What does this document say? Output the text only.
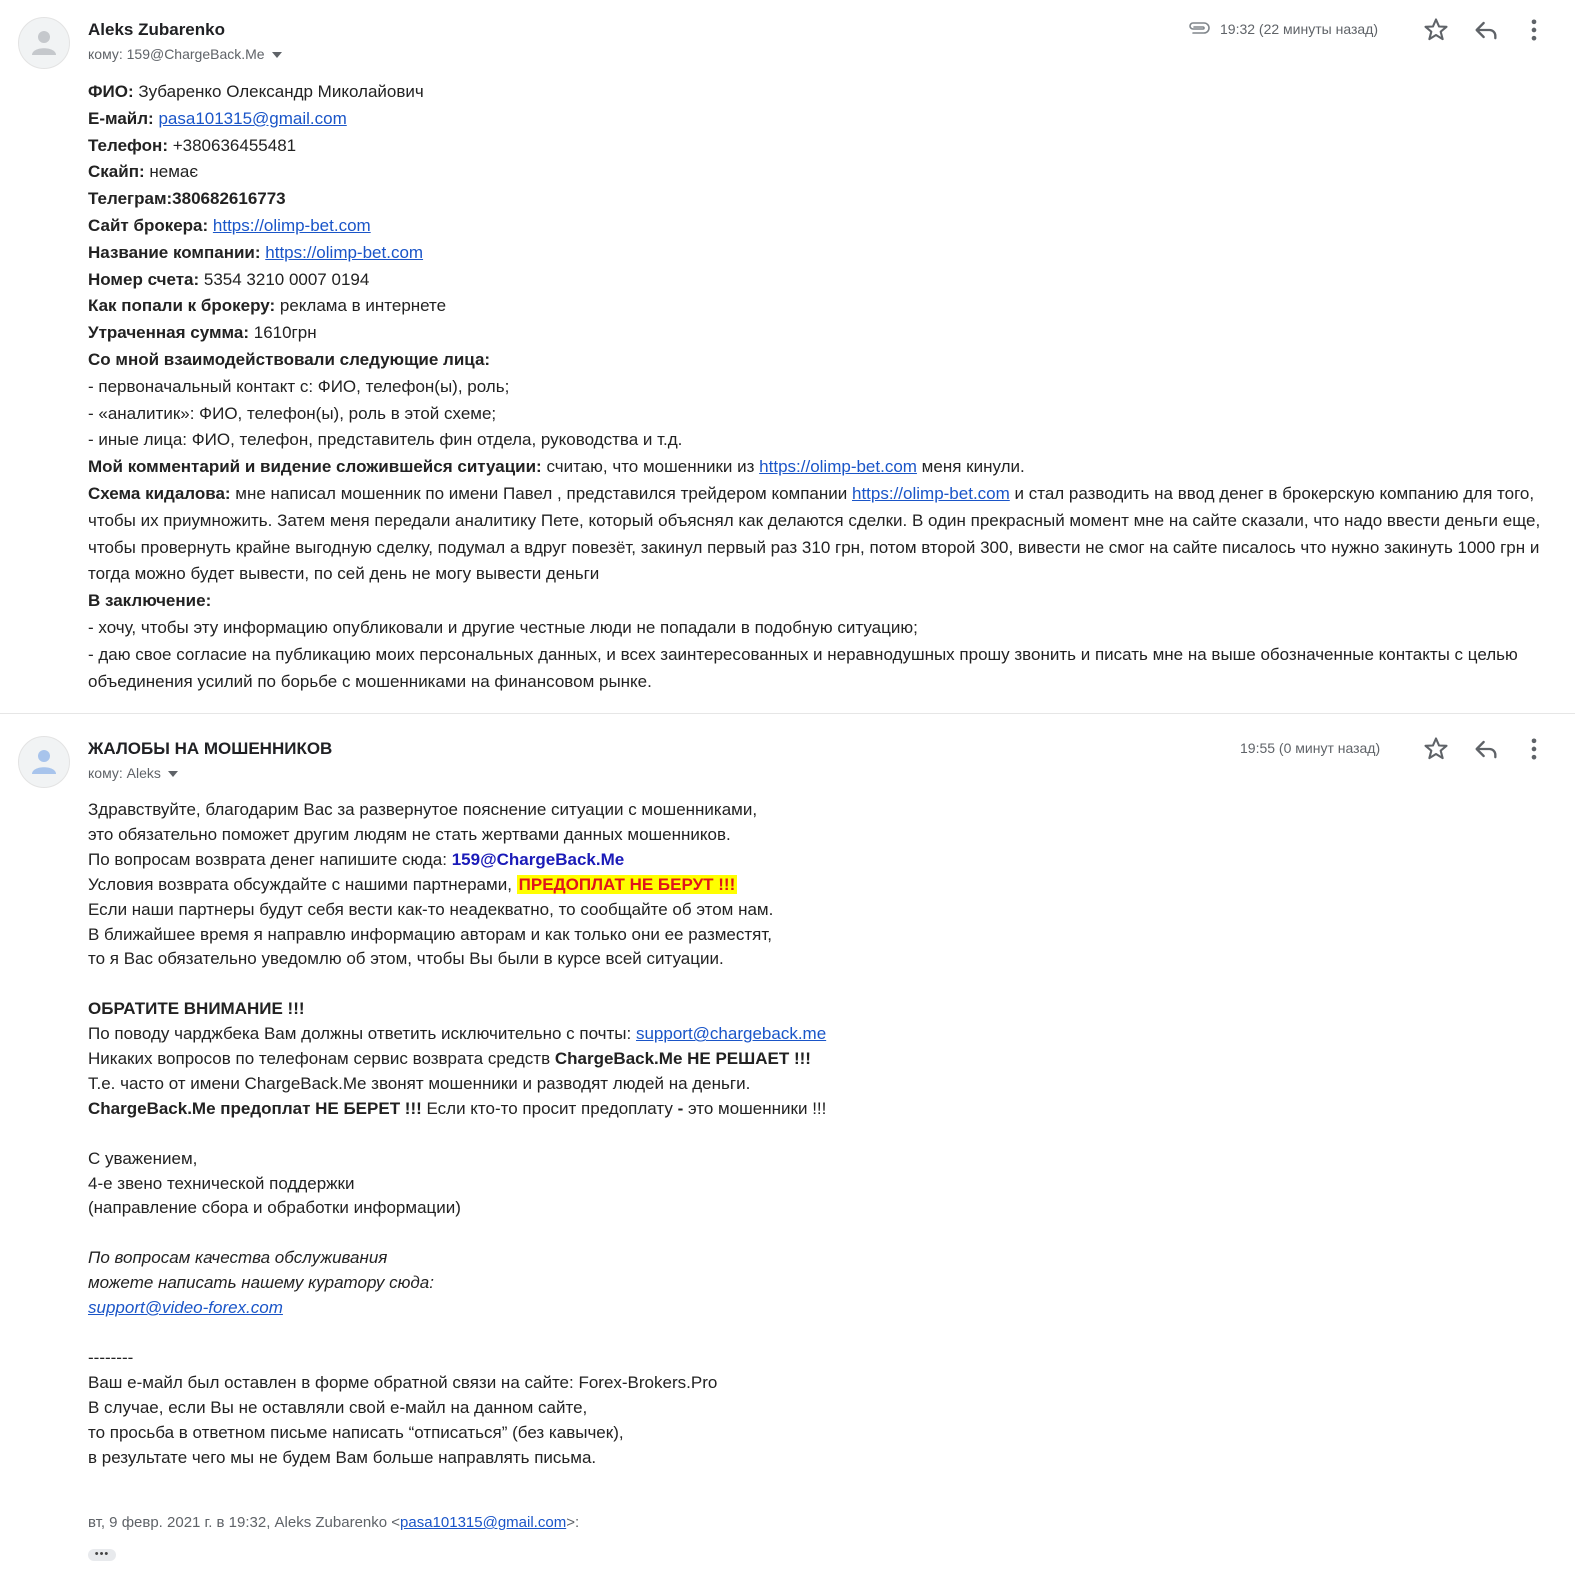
Aleks Zubarenko
кому: 159@ChargeBack.Me
19:32 (22 минуты назад)
ФИО: Зубаренко Олександр Миколайович
Е-майл: pasa101315@gmail.com
Телефон: +380636455481
Скайп: немає
Телеграм:380682616773
Сайт брокера: https://olimp-bet.com
Название компании: https://olimp-bet.com
Номер счета: 5354 3210 0007 0194
Как попали к брокеру: реклама в интернете
Утраченная сумма: 1610грн
Со мной взаимодействовали следующие лица:
- первоначальный контакт с: ФИО, телефон(ы), роль;
- «аналитик»: ФИО, телефон(ы), роль в этой схеме;
- иные лица: ФИО, телефон, представитель фин отдела, руководства и т.д.
Мой комментарий и видение сложившейся ситуации: считаю, что мошенники из https://olimp-bet.com меня кинули.
Схема кидалова: мне написал мошенник по имени Павел , представился трейдером компании https://olimp-bet.com и стал разводить на ввод денег в брокерскую компанию для того, чтобы их приумножить. Затем меня передали аналитику Пете, который объяснял как делаются сделки. В один прекрасный момент мне на сайте сказали, что надо ввести деньги еще, чтобы провернуть крайне выгодную сделку, подумал а вдруг повезёт, закинул первый раз 310 грн, потом второй 300, вивести не смог на сайте писалось что нужно закинуть 1000 грн и тогда можно будет вывести, по сей день не могу вывести деньги
В заключение:
- хочу, чтобы эту информацию опубликовали и другие честные люди не попадали в подобную ситуацию;
- даю свое согласие на публикацию моих персональных данных, и всех заинтересованных и неравнодушных прошу звонить и писать мне на выше обозначенные контакты с целью объединения усилий по борьбе с мошенниками на финансовом рынке.
ЖАЛОБЫ НА МОШЕННИКОВ
кому: Aleks
19:55 (0 минут назад)
Здравствуйте, благодарим Вас за развернутое пояснение ситуации с мошенниками,
это обязательно поможет другим людям не стать жертвами данных мошенников.
По вопросам возврата денег напишите сюда: 159@ChargeBack.Me
Условия возврата обсуждайте с нашими партнерами, ПРЕДОПЛАТ НЕ БЕРУТ !!!
Если наши партнеры будут себя вести как-то неадекватно, то сообщайте об этом нам.
В ближайшее время я направлю информацию авторам и как только они ее разместят,
то я Вас обязательно уведомлю об этом, чтобы Вы были в курсе всей ситуации.
ОБРАТИТЕ ВНИМАНИЕ !!!
По поводу чарджбека Вам должны ответить исключительно с почты: support@chargeback.me
Никаких вопросов по телефонам сервис возврата средств ChargeBack.Me НЕ РЕШАЕТ !!!
Т.е. часто от имени ChargeBack.Me звонят мошенники и разводят людей на деньги.
ChargeBack.Me предоплат НЕ БЕРЕТ !!! Если кто-то просит предоплату - это мошенники !!!
С уважением,
4-е звено технической поддержки
(направление сбора и обработки информации)
По вопросам качества обслуживания
можете написать нашему куратору сюда:
support@video-forex.com
--------
Ваш е-майл был оставлен в форме обратной связи на сайте: Forex-Brokers.Pro
В случае, если Вы не оставляли свой е-майл на данном сайте,
то просьба в ответном письме написать “отписаться” (без кавычек),
в результате чего мы не будем Вам больше направлять письма.
вт, 9 февр. 2021 г. в 19:32, Aleks Zubarenko <pasa101315@gmail.com>:
•••
